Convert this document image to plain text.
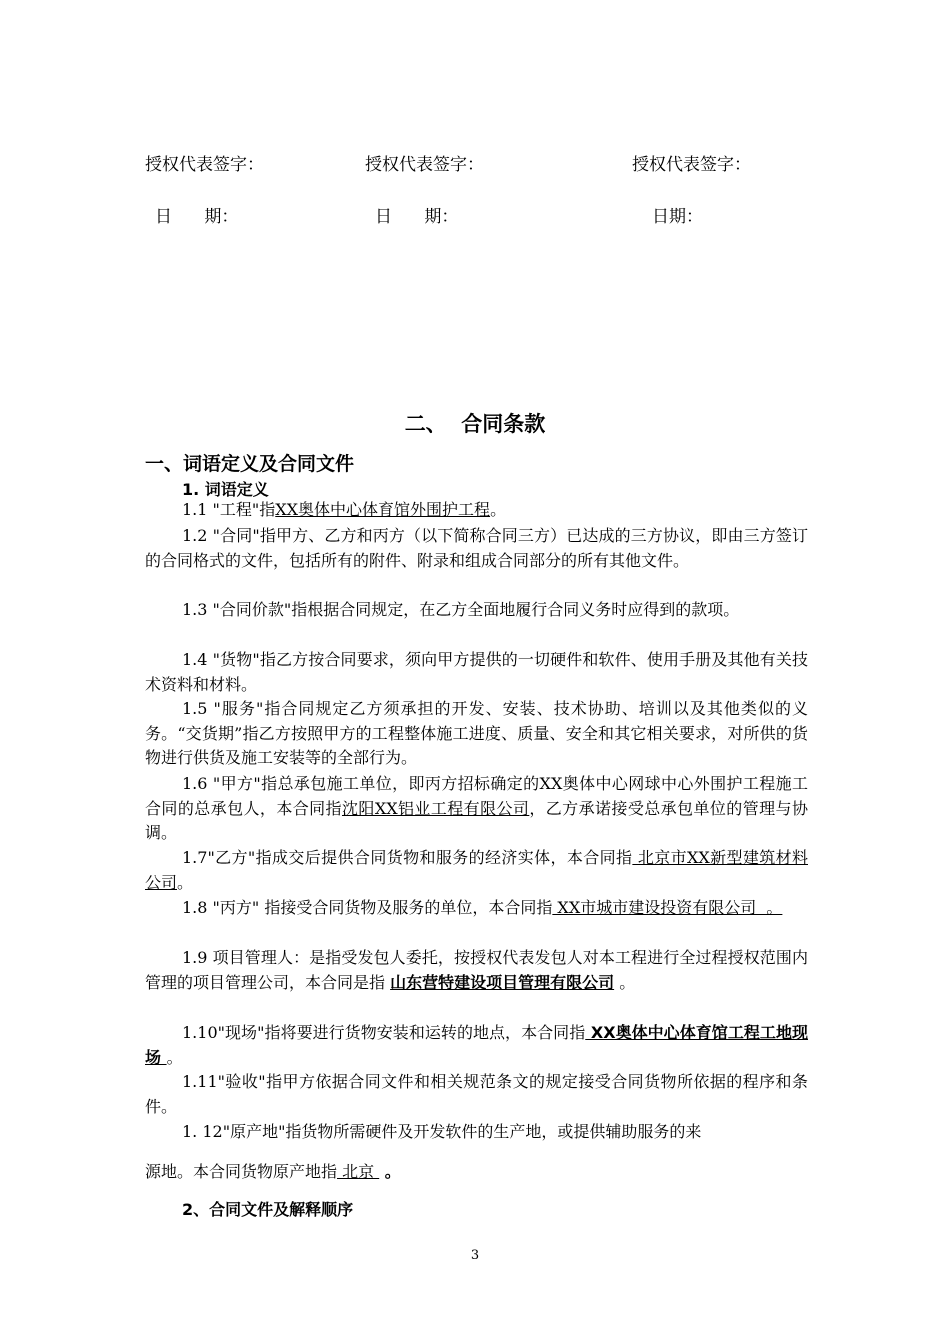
授权代表签字：	授权代表签字：	授权代表签字：
日      期：	日      期：	日期：
二、  合同条款
一、词语定义及合同文件
1. 词语定义
1.1 "工程"指XX奥体中心体育馆外围护工程。
1.2 "合同"指甲方、乙方和丙方（以下简称合同三方）已达成的三方协议，即由三方签订的合同格式的文件，包括所有的附件、附录和组成合同部分的所有其他文件。
1.3 "合同价款"指根据合同规定，在乙方全面地履行合同义务时应得到的款项。
1.4 "货物"指乙方按合同要求，须向甲方提供的一切硬件和软件、使用手册及其他有关技术资料和材料。
1.5 "服务"指合同规定乙方须承担的开发、安装、技术协助、培训以及其他类似的义务。“交货期”指乙方按照甲方的工程整体施工进度、质量、安全和其它相关要求，对所供的货物进行供货及施工安装等的全部行为。
1.6 "甲方"指总承包施工单位，即丙方招标确定的XX奥体中心网球中心外围护工程施工合同的总承包人，本合同指沈阳XX铝业工程有限公司，乙方承诺接受总承包单位的管理与协调。
1.7"乙方"指成交后提供合同货物和服务的经济实体，本合同指 北京市XX新型建筑材料公司。
1.8 "丙方" 指接受合同货物及服务的单位，本合同指 XX市城市建设投资有限公司  。
1.9 项目管理人：是指受发包人委托，按授权代表发包人对本工程进行全过程授权范围内管理的项目管理公司，本合同是指 山东营特建设项目管理有限公司 。
1.10"现场"指将要进行货物安装和运转的地点，本合同指 XX奥体中心体育馆工程工地现场 。
1.11"验收"指甲方依据合同文件和相关规范条文的规定接受合同货物所依据的程序和条件。
1. 12"原产地"指货物所需硬件及开发软件的生产地，或提供辅助服务的来
源地。本合同货物原产地指 北京  。
2、合同文件及解释顺序
3
